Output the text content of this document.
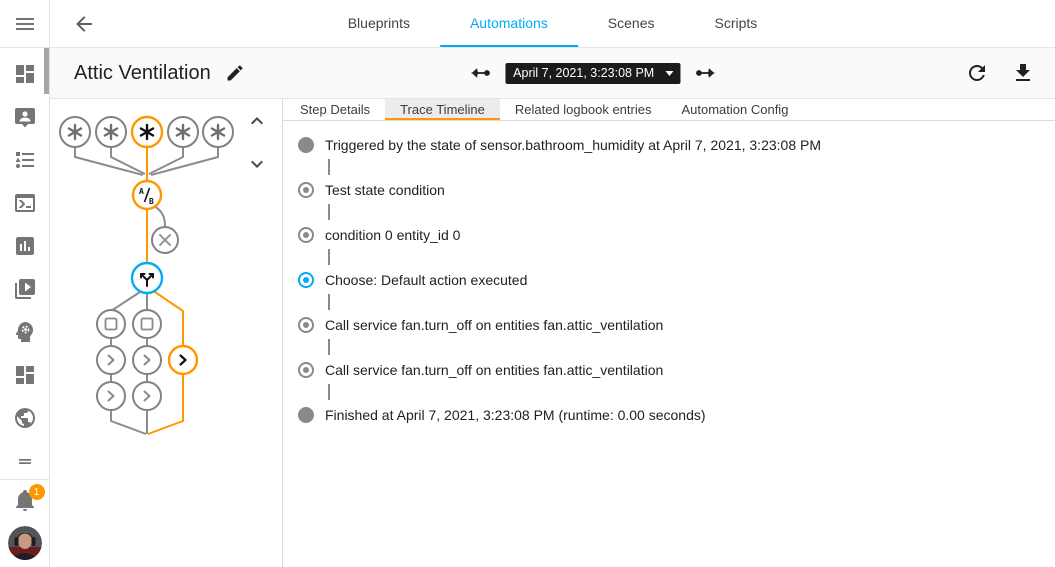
1
Blueprints	Automations	Scenes	Scripts
Attic Ventilation	April 7, 2021, 3:23:08 PM
A
B
Step Details Trace Timeline Related logbook entries Automation Config
Triggered by the state of sensor.bathroom_humidity at April 7, 2021, 3:23:08 PM
Test state condition
condition 0 entity_id 0
Choose: Default action executed
Call service fan.turn_off on entities fan.attic_ventilation
Call service fan.turn_off on entities fan.attic_ventilation
Finished at April 7, 2021, 3:23:08 PM (runtime: 0.00 seconds)
